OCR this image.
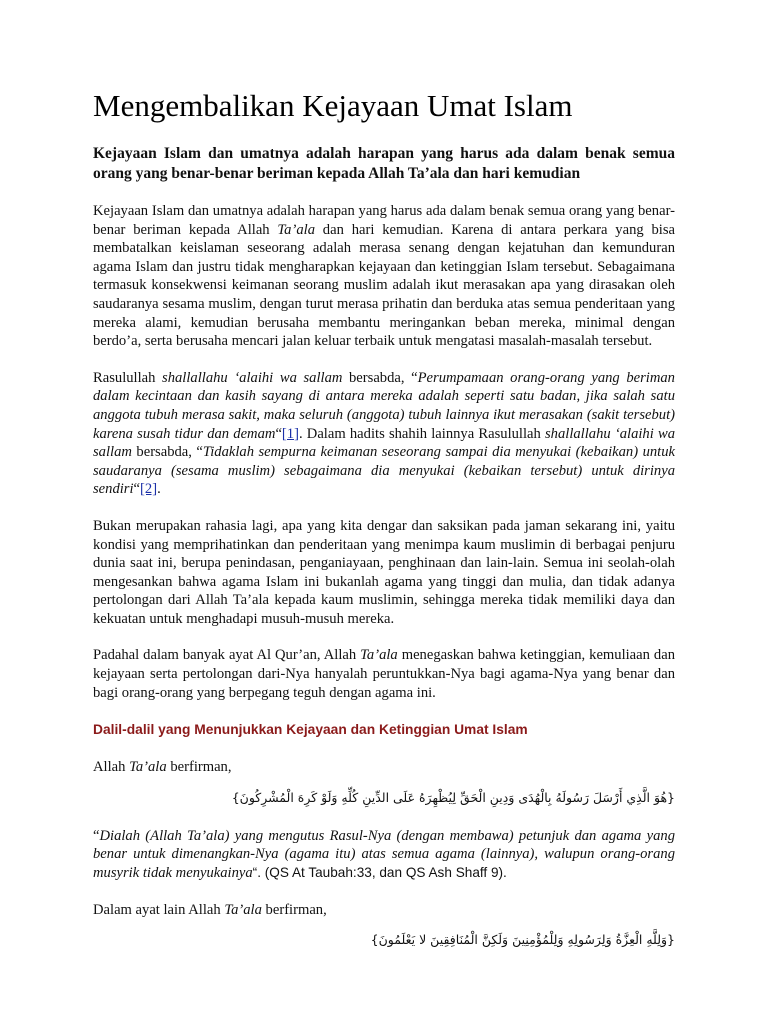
Mengembalikan Kejayaan Umat Islam
Kejayaan Islam dan umatnya adalah harapan yang harus ada dalam benak semua orang yang benar-benar beriman kepada Allah Ta’ala dan hari kemudian

Kejayaan Islam dan umatnya adalah harapan yang harus ada dalam benak semua orang yang benar-benar beriman kepada Allah Ta’ala dan hari kemudian. Karena di antara perkara yang bisa membatalkan keislaman seseorang adalah merasa senang dengan kejatuhan dan kemunduran agama Islam dan justru tidak mengharapkan kejayaan dan ketinggian Islam tersebut. Sebagaimana termasuk konsekwensi keimanan seorang muslim adalah ikut merasakan apa yang dirasakan oleh saudaranya sesama muslim, dengan turut merasa prihatin dan berduka atas semua penderitaan yang mereka alami, kemudian berusaha membantu meringankan beban mereka, minimal dengan berdo’a, serta berusaha mencari jalan keluar terbaik untuk mengatasi masalah-masalah tersebut.

Rasulullah shallallahu ‘alaihi wa sallam bersabda, “Perumpamaan orang-orang yang beriman dalam kecintaan dan kasih sayang di antara mereka adalah seperti satu badan, jika salah satu anggota tubuh merasa sakit, maka seluruh (anggota) tubuh lainnya ikut merasakan (sakit tersebut) karena susah tidur dan demam“[1]. Dalam hadits shahih lainnya Rasulullah shallallahu ‘alaihi wa sallam bersabda, “Tidaklah sempurna keimanan seseorang sampai dia menyukai (kebaikan) untuk saudaranya (sesama muslim) sebagaimana dia menyukai (kebaikan tersebut) untuk dirinya sendiri“[2].

Bukan merupakan rahasia lagi, apa yang kita dengar dan saksikan pada jaman sekarang ini, yaitu kondisi yang memprihatinkan dan penderitaan yang menimpa kaum muslimin di berbagai penjuru dunia saat ini, berupa penindasan, penganiayaan, penghinaan dan lain-lain. Semua ini seolah-olah mengesankan bahwa agama Islam ini bukanlah agama yang tinggi dan mulia, dan tidak adanya pertolongan dari Allah Ta’ala kepada kaum muslimin, sehingga mereka tidak memiliki daya dan kekuatan untuk menghadapi musuh-musuh mereka.

Padahal dalam banyak ayat Al Qur’an, Allah Ta’ala menegaskan bahwa ketinggian, kemuliaan dan kejayaan serta pertolongan dari-Nya hanyalah peruntukkan-Nya bagi agama-Nya yang benar dan bagi orang-orang yang berpegang teguh dengan agama ini.

Dalil-dalil yang Menunjukkan Kejayaan dan Ketinggian Umat Islam

Allah Ta’ala berfirman,

{هُوَ الَّذِي أَرْسَلَ رَسُولَهُ بِالْهُدَى وَدِينِ الْحَقِّ لِيُظْهِرَهُ عَلَى الدِّينِ كُلِّهِ وَلَوْ كَرِهَ الْمُشْرِكُونَ}

“Dialah (Allah Ta’ala) yang mengutus Rasul-Nya (dengan membawa) petunjuk dan agama yang benar untuk dimenangkan-Nya (agama itu) atas semua agama (lainnya), walupun orang-orang musyrik tidak menyukainya“. (QS At Taubah:33, dan QS Ash Shaff 9).

Dalam ayat lain Allah Ta’ala berfirman,

{وَلِلَّهِ الْعِزَّةُ وَلِرَسُولِهِ وَلِلْمُؤْمِنِينَ وَلَكِنَّ الْمُنَافِقِينَ لا يَعْلَمُونَ}
